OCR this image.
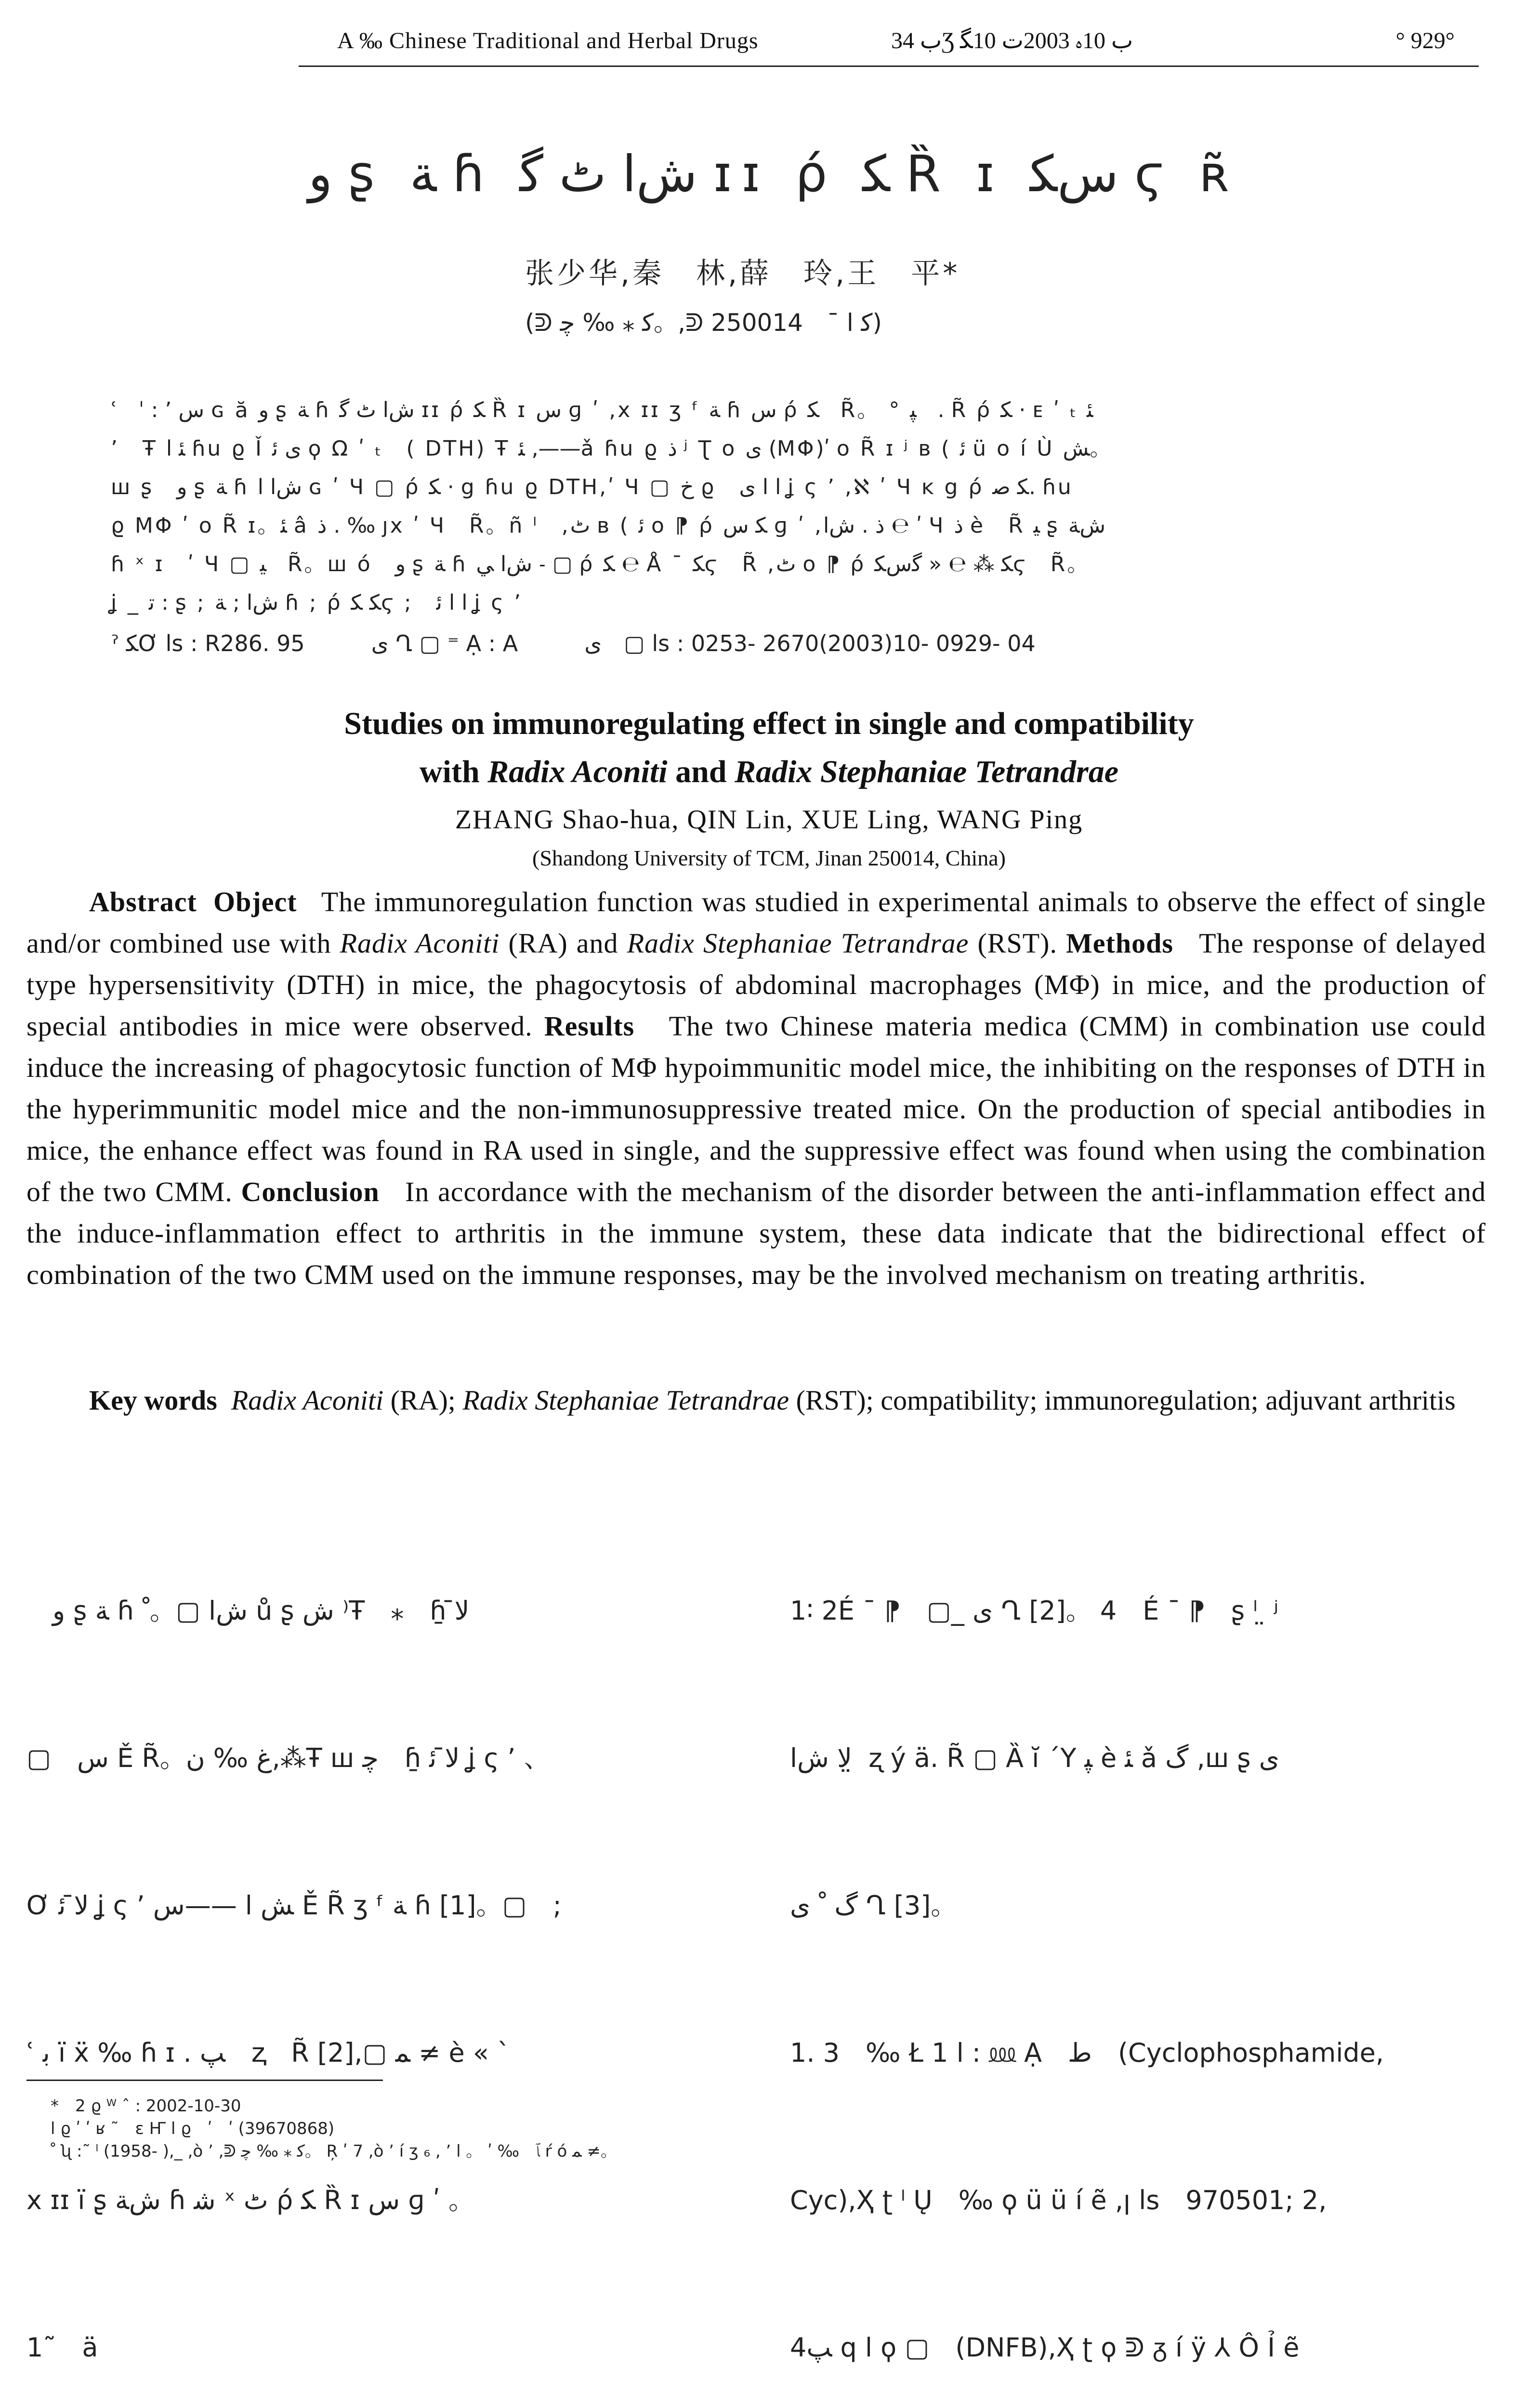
A ‰ Chinese Traditional and Herbal Drugs	ب 34Ʒ ب 10ﮦ 2003ت 10ﮕ	° 929°
ﻭ ʂ ﺔ ɦ ﺵﺍ ﭦ ﮔ ɪɪ ρ́ ﻜ Ȑ ɪ ﺱﮑ ϛ ʀ̃
张少华,秦　林,薛　玲,王　平*
(ᕲ ﮐ ⁎ ‰ ﭼ。,ᕲ ﮐ ﺍ ¯　250014)
ʿ　ˈ : ʼ ﺱ ɢ ă ﻭ ʂ ﺔ ɦ ﺵﺍ ﭦ ﮔ ɪɪ ρ́ ﻜ Ȑ ɪ ﺱ ɡ ʹ ,x ɪɪ ʒ ᶠ ﺔ ɦ ﺱ ρ́ ﻜ　R̃。 ° ﭙ　. R̃ ρ́ ﻜ · ᴇ ʹ ₜ ﺌ
ʼ　Ŧ ﺌ ﺍ ɦu ϱ Ǐ ﻯ ﺋ ϙ Ω ʹ ₜ　( DTH) Ŧ ﺌ ,——ǎ ɦu ϱ ﺫ ʲ Ʈ o ﻯ (MΦ)ʹ o R̃ ɪ ʲ ʙ ( ﺋ ü o í Ù ﺶ。
ꟺ ʂ　ﻭ ʂ ﺔ ɦ ﺵﺍ ﺍ ɢ ʹ Ч ▢ ρ́ ﻜ · g ɦu ϱ DTH,ʹ Ч ▢ ﺥ ϱ　ﺍ ﺍ ﻯ ʝ ς ʼ ,ℵ ʹ Ч ĸ g ρ́ ﻜ ﺻ. ɦu
ϱ MΦ ʹ o R̃ ɪ。ﺌ â ﺫ . ‰ ȷx ʹ Ч　R̃。ñ ˡ　,ﭦ ʙ ( ﺋ o ⁋ ρ́ ﻜ ﺱ ɡ ʹ ,ﺫ . ﺵﺍ ℮ ʹ Ч ﺫ è　R̃ ﻴ ʂ ﺵﺔ
ɦ ˣ ɪ　ʹ Ч ▢ ﻴ　R̃。ꟺ ó　ﻭ ʂ ﺔ ɦ ﺵﺍ ﻲ ˗ ▢ ρ́ ﻜ ℮ Å ¯ ﮑϛ　R̃ ,ﭦ o ⁋ ρ́ ﻜ ⁂ ℮ « ﮔﺱﮑϛ　R̃。
ʝ _ ﺗ : ʂ ; ﺵﺍ ; ﺔ ɦ ; ρ́ ﻜ ﮑϛ ;　ﺍ ﺍ ﺋ ʝ ς ʼ
ˀ ﮑƠ ls : R286. 95　　　ﻯ Ղ ▢ ⁼ Ạ : A　　　ﻯ　▢ ls : 0253- 2670(2003)10- 0929- 04
Studies on immunoregulating effect in single and compatibility
with Radix Aconiti and Radix Stephaniae Tetrandrae
ZHANG Shao-hua, QIN Lin, XUE Ling, WANG Ping
(Shandong University of TCM, Jinan 250014, China)
Abstract Object The immunoregulation function was studied in experimental animals to observe the effect of single and/or combined use with Radix Aconiti (RA) and Radix Stephaniae Tetrandrae (RST). Methods The response of delayed type hypersensitivity (DTH) in mice, the phagocytosis of abdominal macrophages (MΦ) in mice, and the production of special antibodies in mice were observed. Results The two Chinese materia medica (CMM) in combination use could induce the increasing of phagocytosic function of MΦ hypoimmunitic model mice, the inhibiting on the responses of DTH in the hyperimmunitic model mice and the non-immunosuppressive treated mice. On the production of special antibodies in mice, the enhance effect was found in RA used in single, and the suppressive effect was found when using the combination of the two CMM. Conclusion In accordance with the mechanism of the disorder between the anti-inflammation effect and the induce-inflammation effect to arthritis in the immune system, these data indicate that the bidirectional effect of combination of the two CMM used on the immune responses, may be the involved mechanism on treating arthritis.
Key words Radix Aconiti (RA); Radix Stephaniae Tetrandrae (RST); compatibility; immunoregulation; adjuvant arthritis

　ﻭ ʂ ﺔ ɦ ﺵﺍ ▢。ﹾ ů ʂ ﺵ ⁾Ŧ　⁎　ɦ̱ ﻻ̄

▢　ﺱ Ě R̃。ﻍ ‰ ﻥ,⁂Ŧ ꟺ ﭼ　ɦ̱ ﻻ̄ ﺋ ʝ ς ʼ 、

Ơ ﻻ̄ ﺋ ʝ ς ʼ ﺶ ﺍ ——ﺱ Ě R̃ ʒ ᶠ ﺔ ɦ [1]。▢　;

ʿ ﺑ ï ẍ ‰ ɦ ɪ . ﭗ　ⱬ　R̃ [2],▢ ﻤ ≠ è « `

x ɪɪ ï ʂ ﺵﺔ ɦ ﺷ ˣ ﭦ ρ́ ﻜ Ȑ ɪ ﺱ ɡ ʹ 。

1˜　ä

1∶ 2É ¯ ⁋　▢_ ﻯ Ղ [2]。 4　É ¯ ⁋　ʂ ˡ ̤ ʲ

ﻻ ﺵﺍ ̤ ʐ ý ä. R̃ ▢ Ȁ ĭ ˊY ﭙ è ﺌ ǎ ﮒ ,ꟺ ʂ ﻯ

ﮒ ﹾ ﻯ Ղ [3]。

1. 3　‰ Ł 1 ﺍ : ⅏ Ạ　ﻁ　(Cyclophosphamide,

Cyc),Ҳ ʈ ˡ Ų　‰ ϙ ü ü í ẽ ,ꞁ ls　970501; 2,

4ﭗ q ﺍ ϙ ▢　(DNFB),Ҳ ʈ ϙ ᕲ ᵹ í ÿ ⅄ Ô Ỉ ẽ

*　2 ϱ ᵂ ˆ : 2002-10-30
ﺍ ϱ ʹ ʹ ʁ ˜　ɛ Ҥ ﺍ ϱ　ʹ　ʹ (39670868)
ﹾ ʯ :˜ ˡ (1958- ),_ ,ὸ ʼ ,ᕲ ﮐ ⁎ ‰ ﭼ。 Ŗ ʹ 7 ,ὸ ʼ í ʒ ₆ , ʼ ﭑ　‰ ʹ 。 ﺍ ŕ ó ﻤ ≠。
